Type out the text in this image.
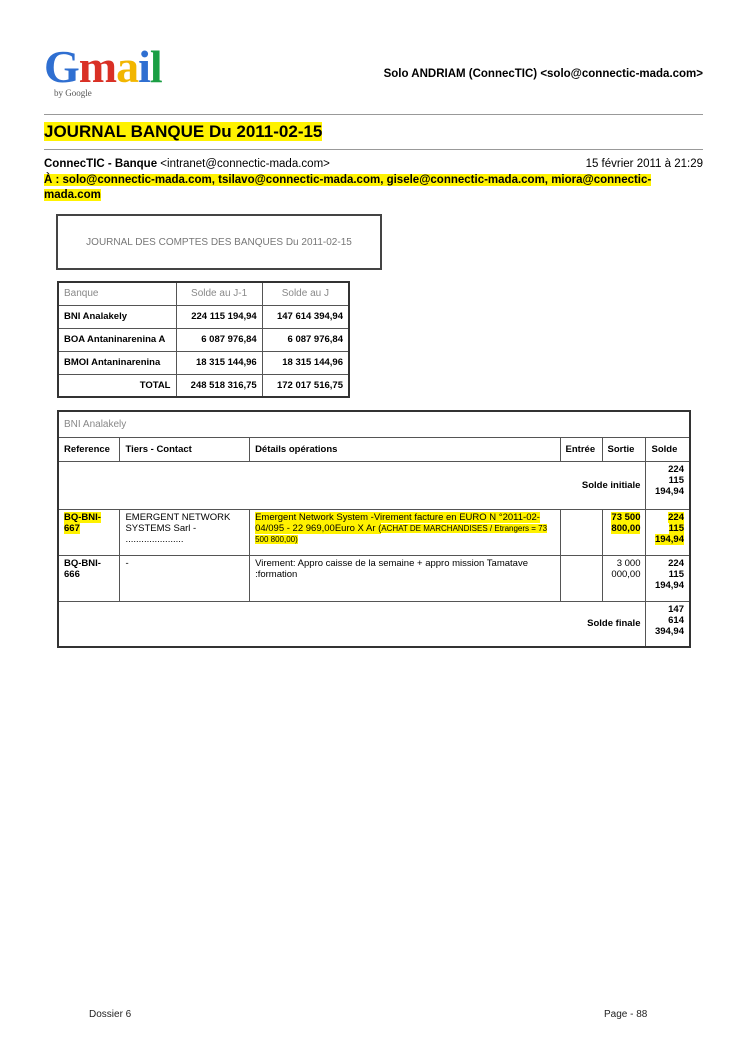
Gmail
by Google
Solo ANDRIAM (ConnecTIC) <solo@connectic-mada.com>
JOURNAL BANQUE Du 2011-02-15
ConnecTIC - Banque <intranet@connectic-mada.com>	15 février 2011 à 21:29
À : solo@connectic-mada.com, tsilavo@connectic-mada.com, gisele@connectic-mada.com, miora@connectic-mada.com
JOURNAL DES COMPTES DES BANQUES Du 2011-02-15
Banque	Solde au J-1	Solde au J
BNI Analakely	224 115 194,94	147 614 394,94
BOA Antaninarenina A	6 087 976,84	6 087 976,84
BMOI Antaninarenina	18 315 144,96	18 315 144,96
TOTAL	248 518 316,75	172 017 516,75
BNI Analakely					
Reference	Tiers - Contact	Détails opérations	Entrée	Sortie	Solde
Solde initiale					224 115 194,94
BQ-BNI-667	EMERGENT NETWORK SYSTEMS Sarl - ......................	Emergent Network System -Virement facture en EURO N °2011-02-04/095 - 22 969,00Euro X Ar (ACHAT DE MARCHANDISES / Etrangers = 73 500 800,00)		73 500 800,00	224 115 194,94
BQ-BNI-666	-	Virement: Appro caisse de la semaine + appro mission Tamatave :formation		3 000 000,00	224 115 194,94
Solde finale					147 614 394,94
Dossier 6	Page - 88
